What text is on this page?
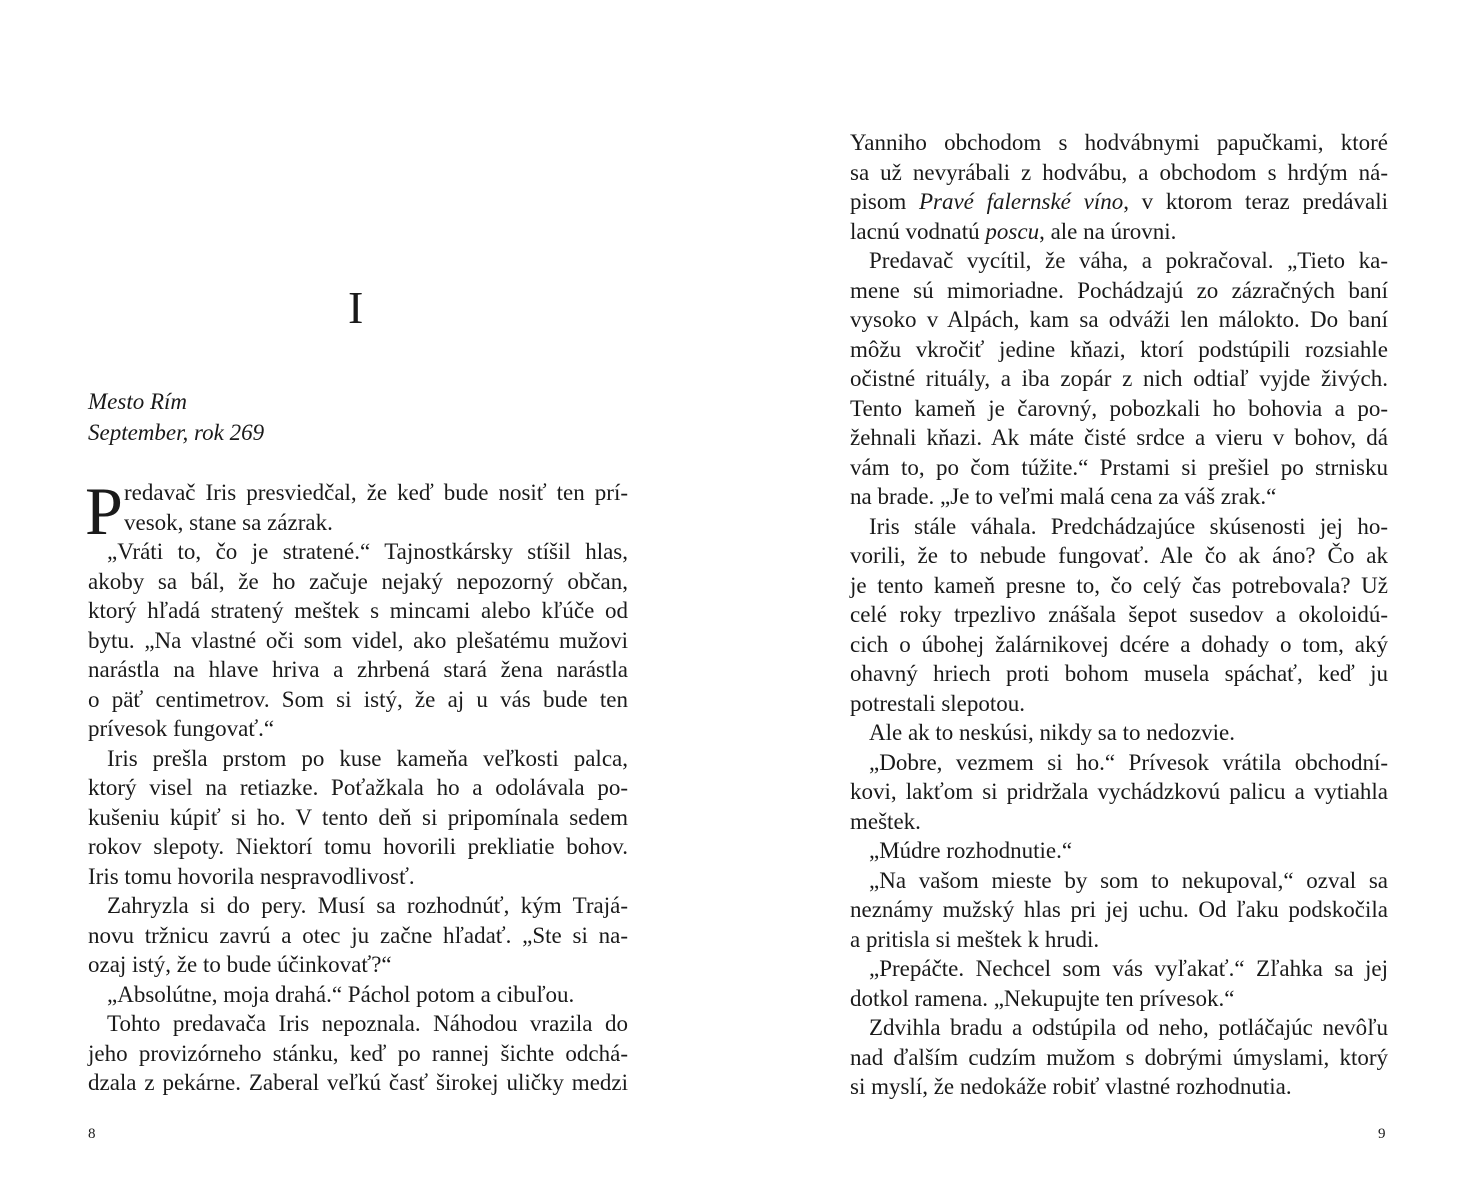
I
Mesto Rím
September, rok 269
P redavač Iris presviedčal, že keď bude nosiť ten prí-
vesok, stane sa zázrak.
„Vráti to, čo je stratené.“ Tajnostkársky stíšil hlas,
akoby sa bál, že ho začuje nejaký nepozorný občan,
ktorý hľadá stratený meštek s mincami alebo kľúče od
bytu. „Na vlastné oči som videl, ako plešatému mužovi
narástla na hlave hriva a zhrbená stará žena narástla
o päť centimetrov. Som si istý, že aj u vás bude ten
prívesok fungovať.“
Iris prešla prstom po kuse kameňa veľkosti palca,
ktorý visel na retiazke. Poťažkala ho a odolávala po-
kušeniu kúpiť si ho. V tento deň si pripomínala sedem
rokov slepoty. Niektorí tomu hovorili prekliatie bohov.
Iris tomu hovorila nespravodlivosť.
Zahryzla si do pery. Musí sa rozhodnúť, kým Trajá-
novu tržnicu zavrú a otec ju začne hľadať. „Ste si na-
ozaj istý, že to bude účinkovať?“
„Absolútne, moja drahá.“ Páchol potom a cibuľou.
Tohto predavača Iris nepoznala. Náhodou vrazila do
jeho provizórneho stánku, keď po rannej šichte odchá-
dzala z pekárne. Zaberal veľkú časť širokej uličky medzi
8
Yanniho obchodom s hodvábnymi papučkami, ktoré
sa už nevyrábali z hodvábu, a obchodom s hrdým ná-
pisom Pravé falernské víno, v ktorom teraz predávali
lacnú vodnatú poscu, ale na úrovni.
Predavač vycítil, že váha, a pokračoval. „Tieto ka-
mene sú mimoriadne. Pochádzajú zo zázračných baní
vysoko v Alpách, kam sa odváži len málokto. Do baní
môžu vkročiť jedine kňazi, ktorí podstúpili rozsiahle
očistné rituály, a iba zopár z nich odtiaľ vyjde živých.
Tento kameň je čarovný, pobozkali ho bohovia a po-
žehnali kňazi. Ak máte čisté srdce a vieru v bohov, dá
vám to, po čom túžite.“ Prstami si prešiel po strnisku
na brade. „Je to veľmi malá cena za váš zrak.“
Iris stále váhala. Predchádzajúce skúsenosti jej ho-
vorili, že to nebude fungovať. Ale čo ak áno? Čo ak
je tento kameň presne to, čo celý čas potrebovala? Už
celé roky trpezlivo znášala šepot susedov a okoloidú-
cich o úbohej žalárnikovej dcére a dohady o tom, aký
ohavný hriech proti bohom musela spáchať, keď ju
potrestali slepotou.
Ale ak to neskúsi, nikdy sa to nedozvie.
„Dobre, vezmem si ho.“ Prívesok vrátila obchodní-
kovi, lakťom si pridržala vychádzkovú palicu a vytiahla
meštek.
„Múdre rozhodnutie.“
„Na vašom mieste by som to nekupoval,“ ozval sa
neznámy mužský hlas pri jej uchu. Od ľaku podskočila
a pritisla si meštek k hrudi.
„Prepáčte. Nechcel som vás vyľakať.“ Zľahka sa jej
dotkol ramena. „Nekupujte ten prívesok.“
Zdvihla bradu a odstúpila od neho, potláčajúc nevôľu
nad ďalším cudzím mužom s dobrými úmyslami, ktorý
si myslí, že nedokáže robiť vlastné rozhodnutia.
9
